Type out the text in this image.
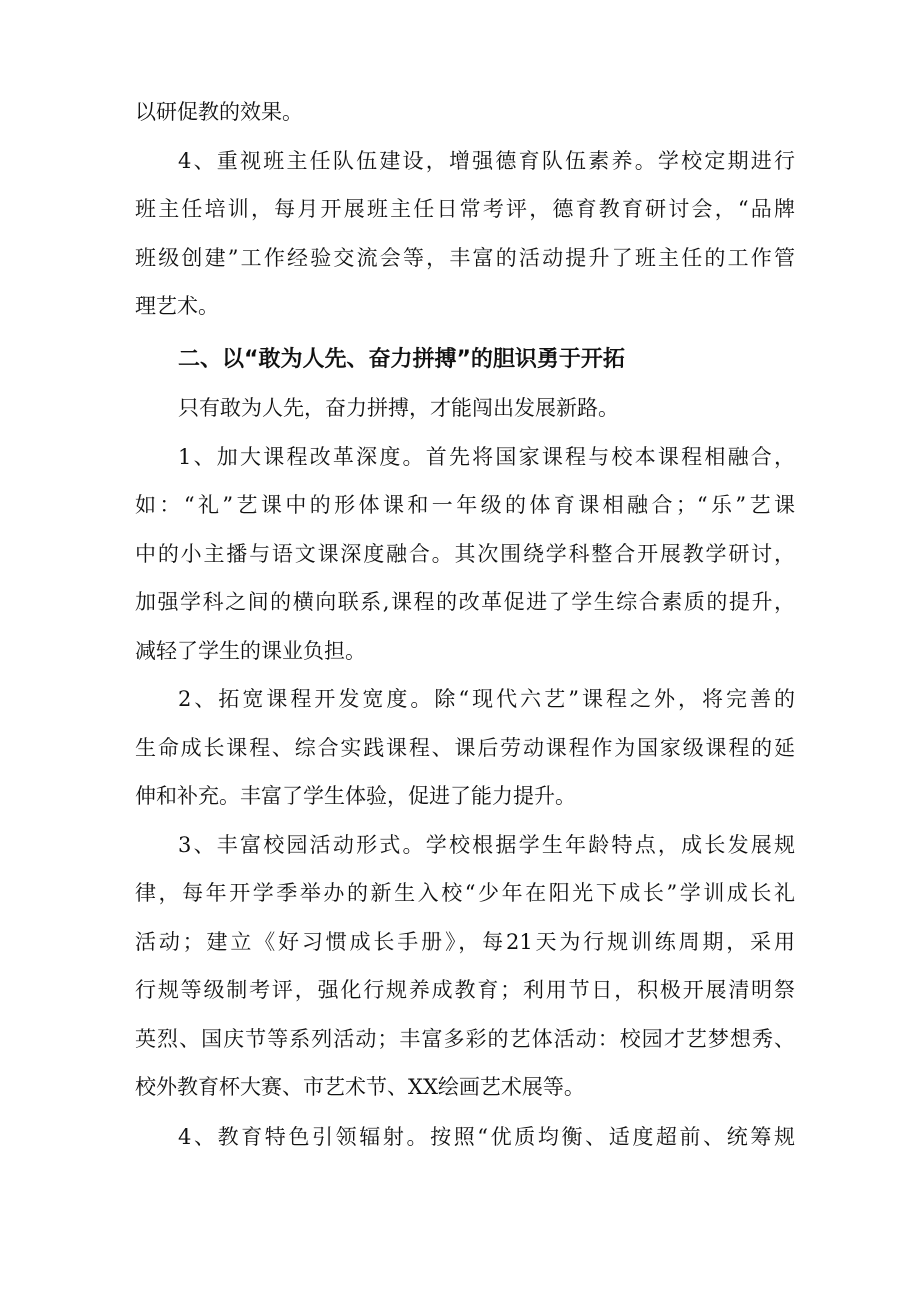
以研促教的效果。
4、重视班主任队伍建设，增强德育队伍素养。学校定期进行
班主任培训，每月开展班主任日常考评，德育教育研讨会，“品牌
班级创建”工作经验交流会等，丰富的活动提升了班主任的工作管
理艺术。
二、以“敢为人先、奋力拼搏”的胆识勇于开拓
只有敢为人先，奋力拼搏，才能闯出发展新路。
1、加大课程改革深度。首先将国家课程与校本课程相融合，
如：“礼”艺课中的形体课和一年级的体育课相融合；“乐”艺课
中的小主播与语文课深度融合。其次围绕学科整合开展教学研讨，
加强学科之间的横向联系,课程的改革促进了学生综合素质的提升，
减轻了学生的课业负担。
2、拓宽课程开发宽度。除“现代六艺”课程之外，将完善的
生命成长课程、综合实践课程、课后劳动课程作为国家级课程的延
伸和补充。丰富了学生体验，促进了能力提升。
3、丰富校园活动形式。学校根据学生年龄特点，成长发展规
律，每年开学季举办的新生入校“少年在阳光下成长”学训成长礼
活动；建立《好习惯成长手册》，每21天为行规训练周期，采用
行规等级制考评，强化行规养成教育；利用节日，积极开展清明祭
英烈、国庆节等系列活动；丰富多彩的艺体活动：校园才艺梦想秀、
校外教育杯大赛、市艺术节、XX绘画艺术展等。
4、教育特色引领辐射。按照“优质均衡、适度超前、统筹规
